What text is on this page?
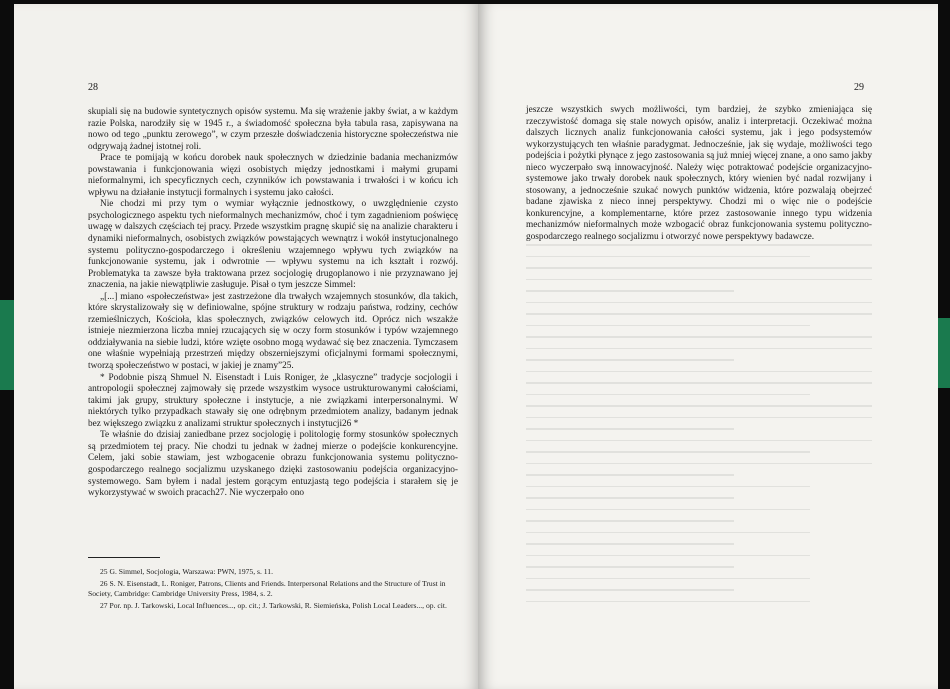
28

skupiali się na budowie syntetycznych opisów systemu. Ma się wrażenie jakby świat, a w każdym razie Polska, narodziły się w 1945 r., a świadomość społeczna była tabula rasa, zapisywana na nowo od tego „punktu zerowego”, w czym przeszłe doświadczenia historyczne społeczeństwa nie odgrywają żadnej istotnej roli.

Prace te pomijają w końcu dorobek nauk społecznych w dziedzinie badania mechanizmów powstawania i funkcjonowania więzi osobistych między jednostkami i małymi grupami nieformalnymi, ich specyficznych cech, czynników ich powstawania i trwałości i w końcu ich wpływu na działanie instytucji formalnych i systemu jako całości.

Nie chodzi mi przy tym o wymiar wyłącznie jednostkowy, o uwzględnienie czysto psychologicznego aspektu tych nieformalnych mechanizmów, choć i tym zagadnieniom poświęcę uwagę w dalszych częściach tej pracy. Przede wszystkim pragnę skupić się na analizie charakteru i dynamiki nieformalnych, osobistych związków powstających wewnątrz i wokół instytucjonalnego systemu polityczno-gospodarczego i określeniu wzajemnego wpływu tych związków na funkcjonowanie systemu, jak i odwrotnie — wpływu systemu na ich kształt i rozwój. Problematyka ta zawsze była traktowana przez socjologię drugoplanowo i nie przyznawano jej znaczenia, na jakie niewątpliwie zasługuje. Pisał o tym jeszcze Simmel:

„[...] miano «społeczeństwa» jest zastrzeżone dla trwałych wzajemnych stosunków, dla takich, które skrystalizowały się w definiowalne, spójne struktury w rodzaju państwa, rodziny, cechów rzemieślniczych, Kościoła, klas społecznych, związków celowych itd. Oprócz nich wszakże istnieje niezmierzona liczba mniej rzucających się w oczy form stosunków i typów wzajemnego oddziaływania na siebie ludzi, które wzięte osobno mogą wydawać się bez znaczenia. Tymczasem one właśnie wypełniają przestrzeń między obszerniejszymi oficjalnymi formami społecznymi, tworzą społeczeństwo w postaci, w jakiej je znamy”25.

* Podobnie piszą Shmuel N. Eisenstadt i Luis Roniger, że „klasyczne” tradycje socjologii i antropologii społecznej zajmowały się przede wszystkim wysoce ustrukturowanymi całościami, takimi jak grupy, struktury społeczne i instytucje, a nie związkami interpersonalnymi. W niektórych tylko przypadkach stawały się one odrębnym przedmiotem analizy, badanym jednak bez większego związku z analizami struktur społecznych i instytucji26 *

Te właśnie do dzisiaj zaniedbane przez socjologię i politologię formy stosunków społecznych są przedmiotem tej pracy. Nie chodzi tu jednak w żadnej mierze o podejście konkurencyjne. Celem, jaki sobie stawiam, jest wzbogacenie obrazu funkcjonowania systemu polityczno-gospodarczego realnego socjalizmu uzyskanego dzięki zastosowaniu podejścia organizacyjno-systemowego. Sam byłem i nadal jestem gorącym entuzjastą tego podejścia i starałem się je wykorzystywać w swoich pracach27. Nie wyczerpało ono

25 G. Simmel, Socjologia, Warszawa: PWN, 1975, s. 11.

26 S. N. Eisenstadt, L. Roniger, Patrons, Clients and Friends. Interpersonal Relations and the Structure of Trust in Society, Cambridge: Cambridge University Press, 1984, s. 2.

27 Por. np. J. Tarkowski, Local Influences..., op. cit.; J. Tarkowski, R. Siemieńska, Polish Local Leaders..., op. cit.

29

jeszcze wszystkich swych możliwości, tym bardziej, że szybko zmieniająca się rzeczywistość domaga się stale nowych opisów, analiz i interpretacji. Oczekiwać można dalszych licznych analiz funkcjonowania całości systemu, jak i jego podsystemów wykorzystujących ten właśnie paradygmat. Jednocześnie, jak się wydaje, możliwości tego podejścia i pożytki płynące z jego zastosowania są już mniej więcej znane, a ono samo jakby nieco wyczerpało swą innowacyjność. Należy więc potraktować podejście organizacyjno-systemowe jako trwały dorobek nauk społecznych, który wienien być nadal rozwijany i stosowany, a jednocześnie szukać nowych punktów widzenia, które pozwalają obejrzeć badane zjawiska z nieco innej perspektywy. Chodzi mi o więc nie o podejście konkurencyjne, a komplementarne, które przez zastosowanie innego typu widzenia mechanizmów nieformalnych może wzbogacić obraz funkcjonowania systemu polityczno-gospodarczego realnego socjalizmu i otworzyć nowe perspektywy badawcze.
